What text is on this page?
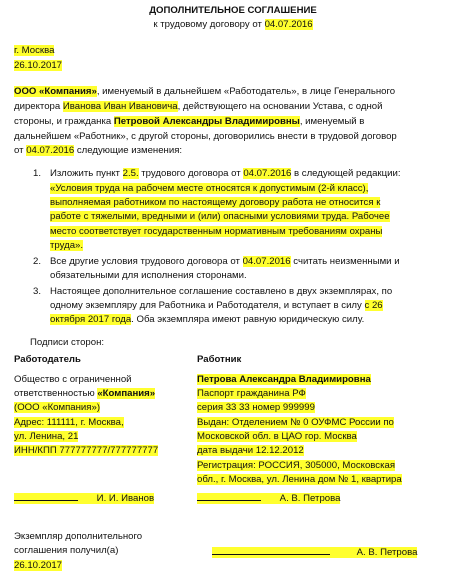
ДОПОЛНИТЕЛЬНОЕ СОГЛАШЕНИЕ
к трудовому договору от 04.07.2016
г. Москва
26.10.2017
ООО «Компания», именуемый в дальнейшем «Работодатель», в лице Генерального
директора Иванова Иван Ивановича, действующего на основании Устава, с одной
стороны, и гражданка Петровой Александры Владимировны, именуемый в
дальнейшем «Работник», с другой стороны, договорились внести в трудовой договор
от 04.07.2016 следующие изменения:
1. Изложить пункт 2.5. трудового договора от 04.07.2016 в следующей редакции:
«Условия труда на рабочем месте относятся к допустимым (2-й класс),
выполняемая работником по настоящему договору работа не относится к
работе с тяжелыми, вредными и (или) опасными условиями труда. Рабочее
место соответствует государственным нормативным требованиям охраны
труда».
2. Все другие условия трудового договора от 04.07.2016 считать неизменными и
обязательными для исполнения сторонами.
3. Настоящее дополнительное соглашение составлено в двух экземплярах, по
одному экземпляру для Работника и Работодателя, и вступает в силу с 26
октября 2017 года. Оба экземпляра имеют равную юридическую силу.
Подписи сторон:
Работодатель	Работник
Общество с ограниченной
ответственностью «Компания»
(ООО «Компания»)
Адрес: 111111, г. Москва,
ул. Ленина, 21
ИНН/КПП 777777777/777777777
Петрова Александра Владимировна
Паспорт гражданина РФ
серия 33 33 номер 999999
Выдан: Отделением № 0 ОУФМС России по
Московской обл. в ЦАО гор. Москва
дата выдачи 12.12.2012
Регистрация: РОССИЯ, 305000, Московская
обл., г. Москва, ул. Ленина дом № 1, квартира
И. И. Иванов	А. В. Петрова
Экземпляр дополнительного
соглашения получил(а)	А. В. Петрова
26.10.2017
